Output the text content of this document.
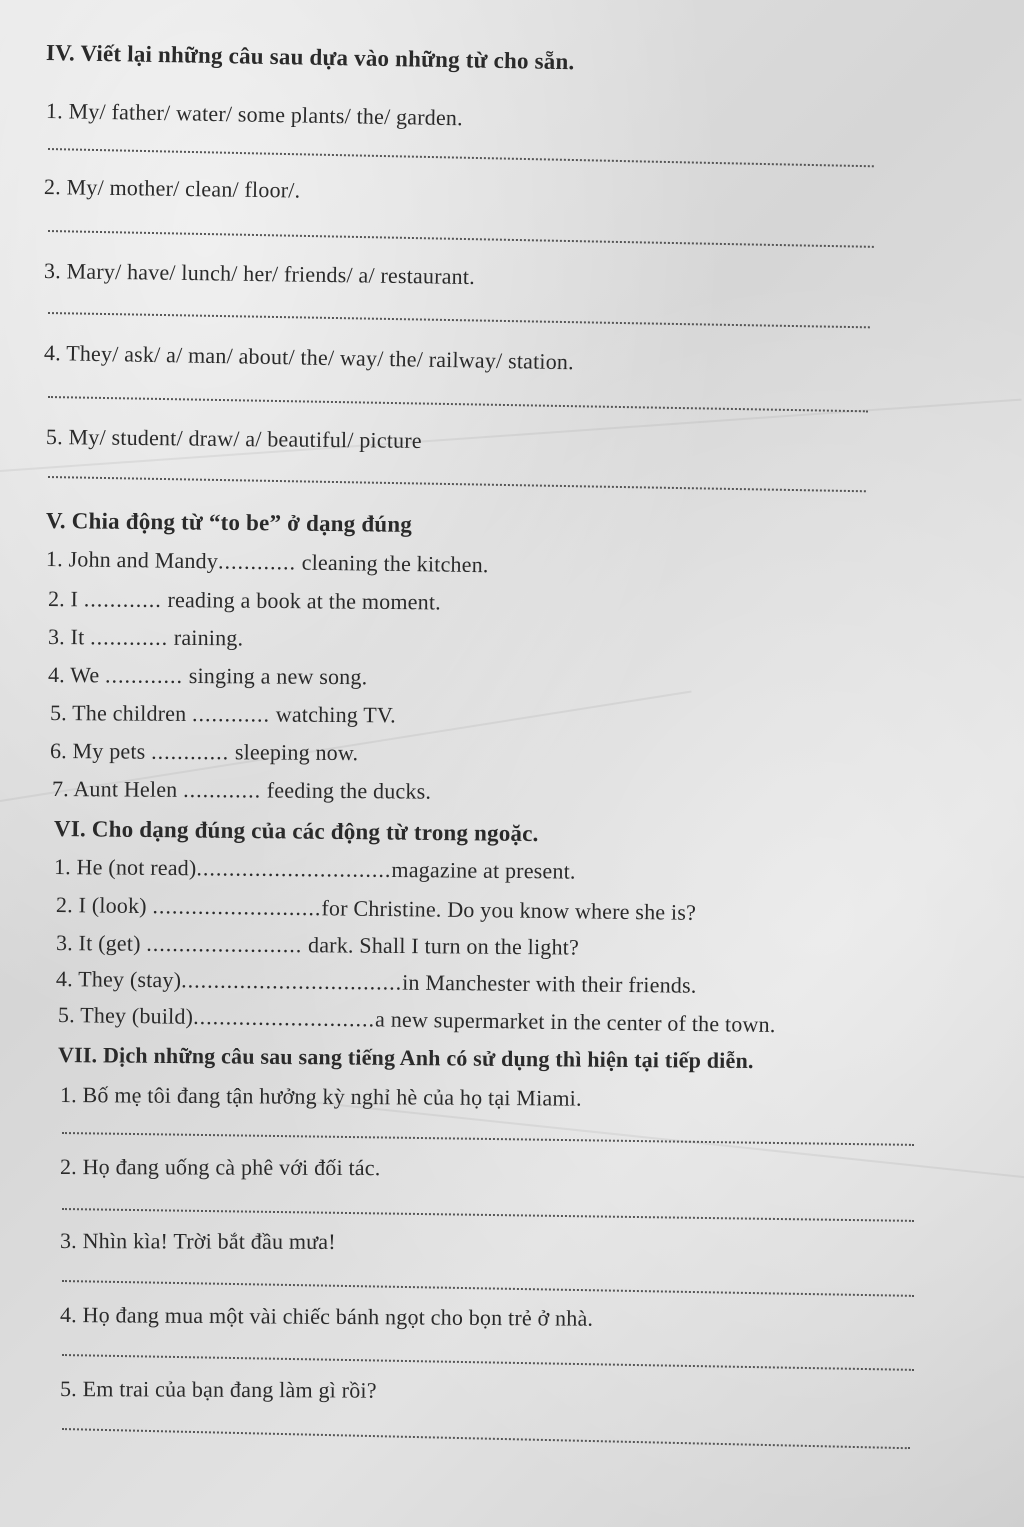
IV. Viết lại những câu sau dựa vào những từ cho sẵn.
1. My/ father/ water/ some plants/ the/ garden.
2. My/ mother/ clean/ floor/.
3. Mary/ have/ lunch/ her/ friends/ a/ restaurant.
4. They/ ask/ a/ man/ about/ the/ way/ the/ railway/ station.
5. My/ student/ draw/ a/ beautiful/ picture
V. Chia động từ “to be” ở dạng đúng
1. John and Mandy............ cleaning the kitchen.
2. I ............ reading a book at the moment.
3. It ............ raining.
4. We ............ singing a new song.
5. The children ............ watching TV.
6. My pets ............ sleeping now.
7. Aunt Helen ............ feeding the ducks.
VI. Cho dạng đúng của các động từ trong ngoặc.
1. He (not read)..............................magazine at present.
2. I (look) ..........................for Christine. Do you know where she is?
3. It (get) ........................ dark. Shall I turn on the light?
4. They (stay)..................................in Manchester with their friends.
5. They (build)............................a new supermarket in the center of the town.
VII. Dịch những câu sau sang tiếng Anh có sử dụng thì hiện tại tiếp diễn.
1. Bố mẹ tôi đang tận hưởng kỳ nghỉ hè của họ tại Miami.
2. Họ đang uống cà phê với đối tác.
3. Nhìn kìa! Trời bắt đầu mưa!
4. Họ đang mua một vài chiếc bánh ngọt cho bọn trẻ ở nhà.
5. Em trai của bạn đang làm gì rồi?
